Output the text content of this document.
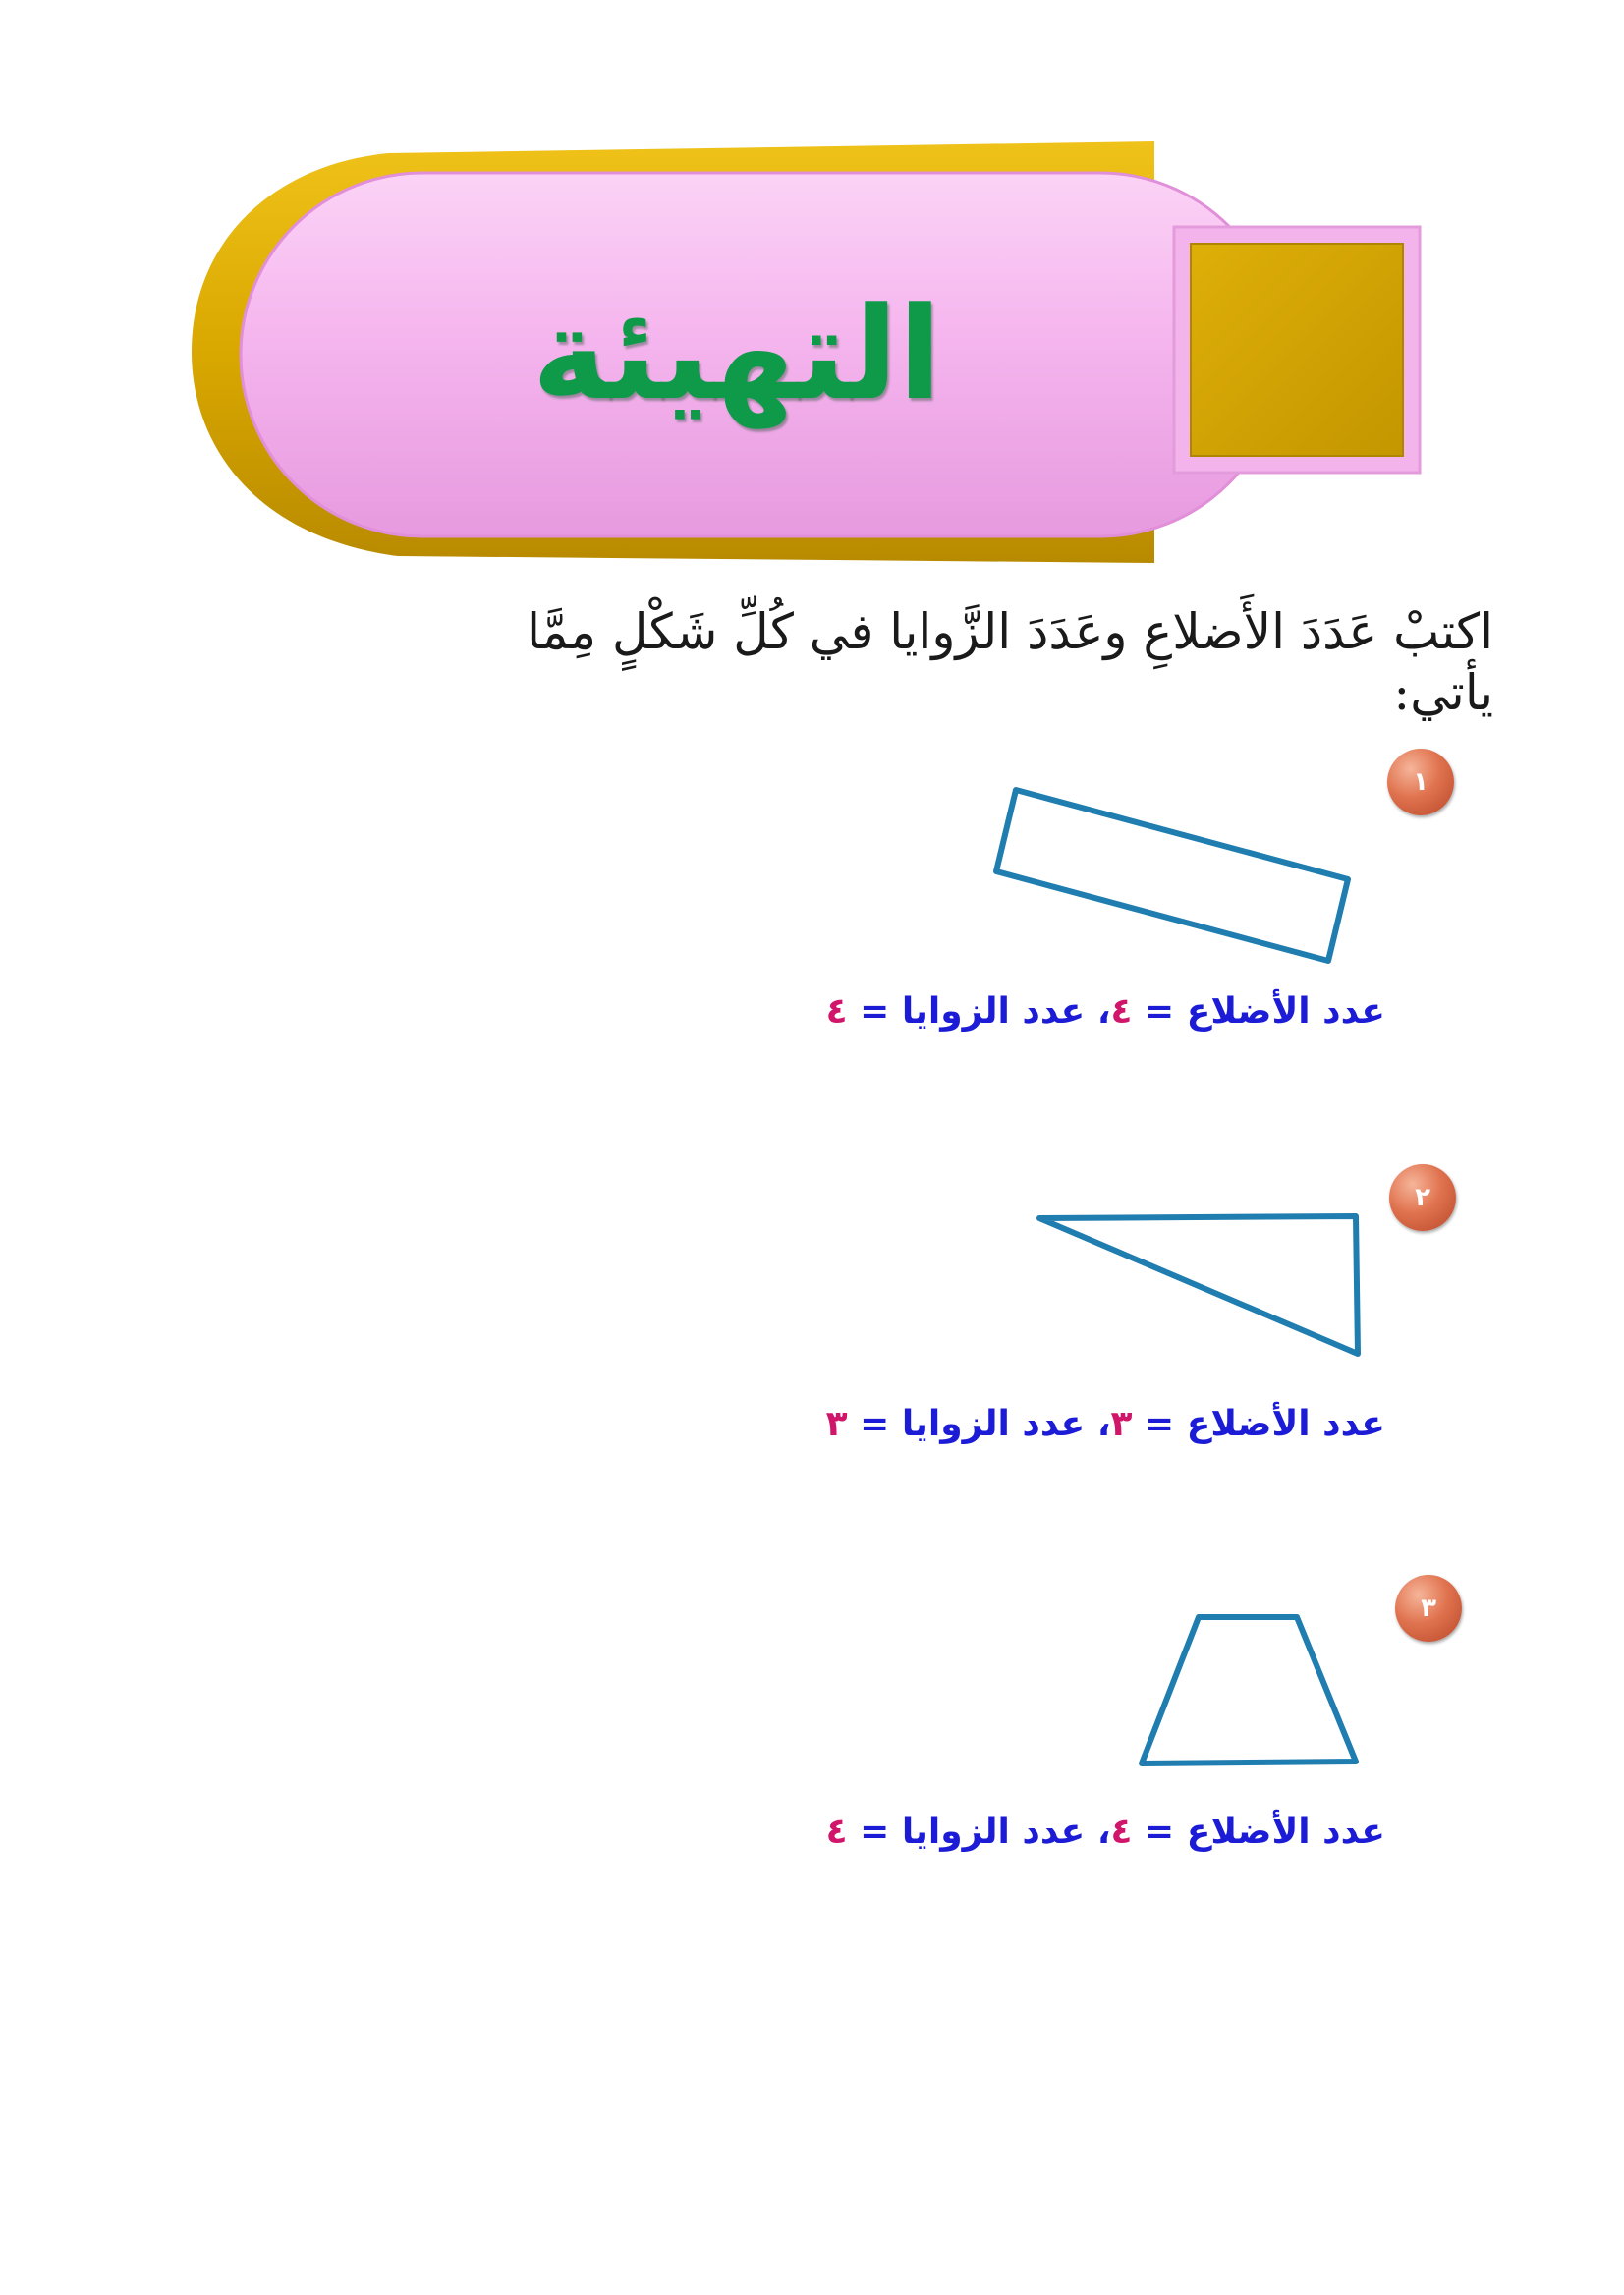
التهيئة
اكتبْ عَدَدَ الأَضلاعِ وعَدَدَ الزَّوايا في كُلِّ شَكْلٍ مِمَّا يأتي:
١
عدد الأضلاع = ٤، عدد الزوايا = ٤
٢
عدد الأضلاع = ٣، عدد الزوايا = ٣
٣
عدد الأضلاع = ٤، عدد الزوايا = ٤
